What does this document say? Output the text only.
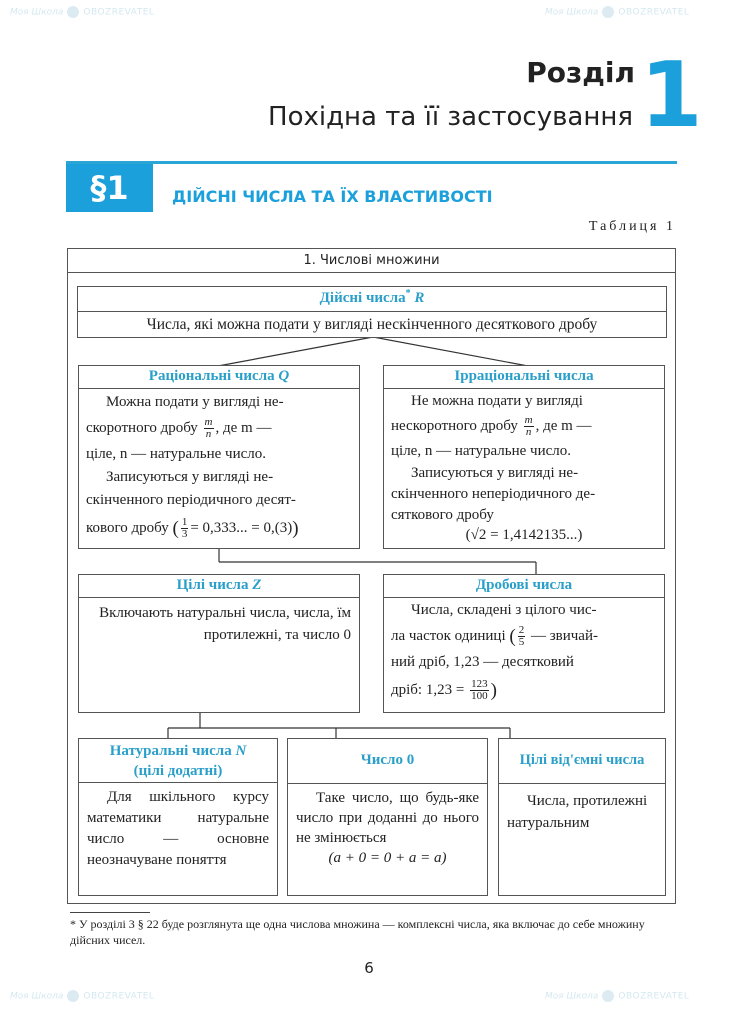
Моя Школа OBOZREVATEL	Моя Школа OBOZREVATEL
Моя Школа OBOZREVATEL	Моя Школа OBOZREVATEL
Розділ 1
Похідна та її застосування
§1	ДІЙСНІ ЧИСЛА ТА ЇХ ВЛАСТИВОСТІ
Таблиця 1
1. Числові множини
Дійсні числа* R
Числа, які можна подати у вигляді нескінченного десяткового дробу
Раціональні числа Q
Можна подати у вигляді не-
скоротного дробу $\frac{m}{n}$ , де m —
ціле, n — натуральне число.
Записуються у вигляді не-
скінченного періодичного десят-
кового дробу ( $\frac{1}{3} = 0,333$... = 0,(3))
Ірраціональні числа
Не можна подати у вигляді
нескоротного дробу $\frac{m}{n}$ , де m —
ціле, n — натуральне число.
Записуються у вигляді не-
скінченного неперіодичного де-
сяткового дробу
(√2 = 1,4142135...)
Цілі числа Z
Включають натуральні числа, числа, їм протилежні, та число 0
Дробові числа
Числа, складені з цілого чис-
ла часток одиниці ( $\frac{2}{5}$ — звичай-
ний дріб, 1,23 — десятковий
дріб: $1,23 = \frac{123}{100}$ )
Натуральні числа N
(цілі додатні)
Для шкільного курсу математики натуральне число — основне неозначуване поняття
Число 0
Таке число, що будь-яке число при доданні до нього не змінюється
(a + 0 = 0 + a = a)
Цілі від'ємні числа
Числа, протилежні натуральним
* У розділі 3 § 22 буде розглянута ще одна числова множина — комплексні числа, яка включає до себе множину дійсних чисел.
6
